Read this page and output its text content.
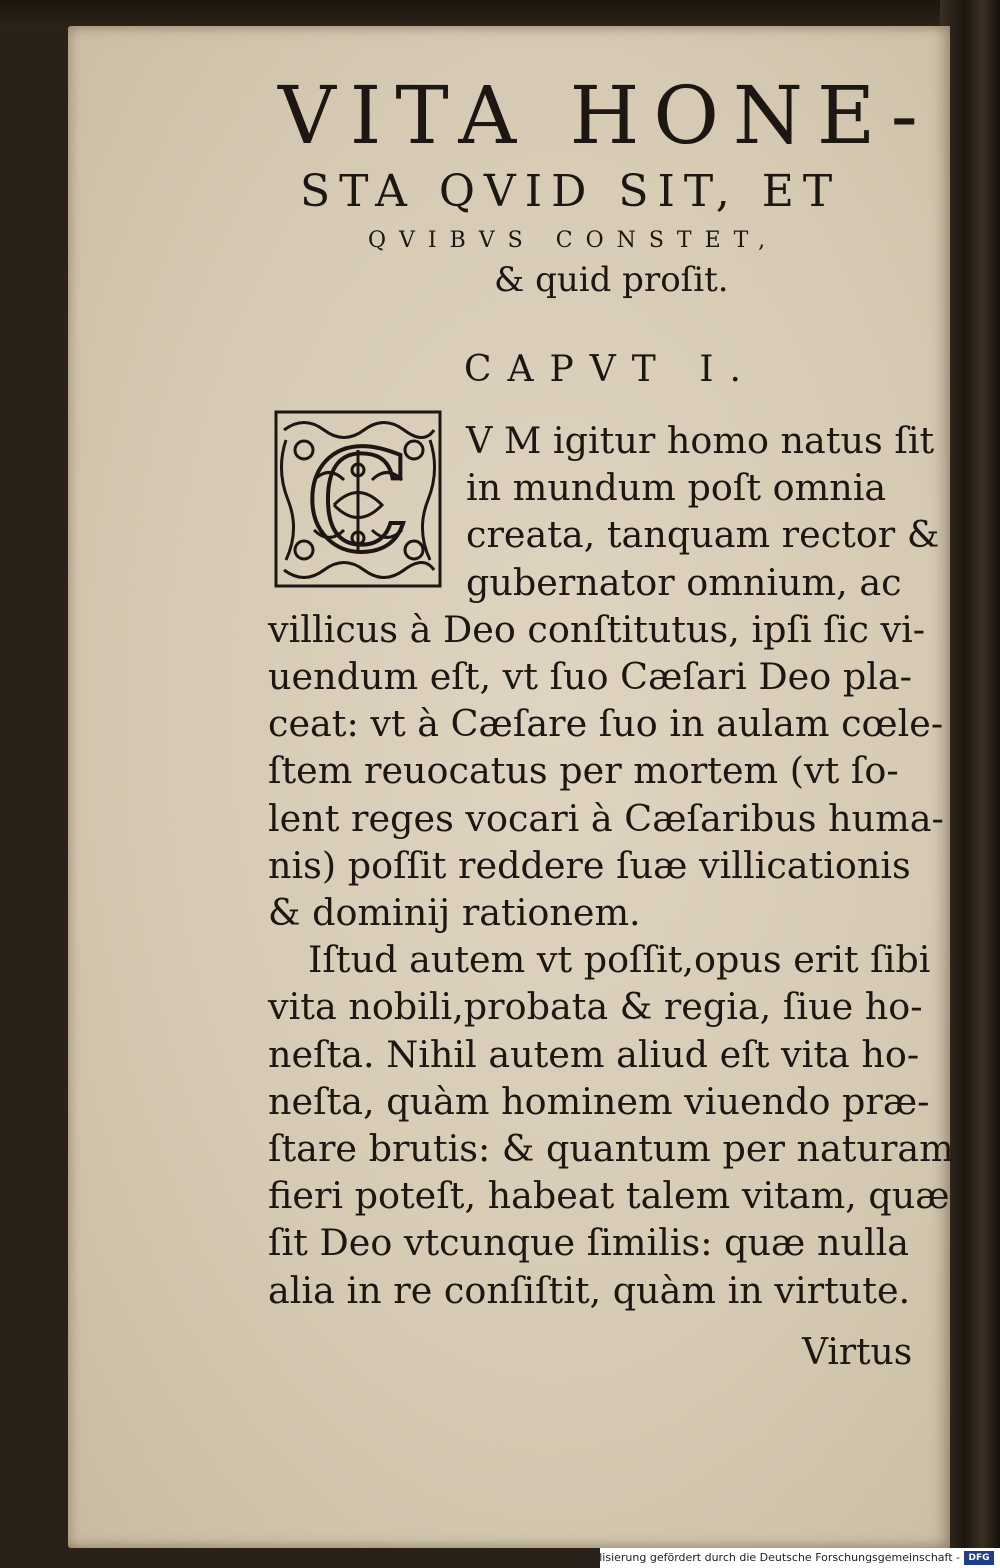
VITA HONE-
STA QVID SIT, ET
QVIBVS CONSTET,
& quid proſit.
CAPVT I.
C V M igitur homo natus ſit
in mundum poſt omnia
creata, tanquam rector &
gubernator omnium, ac
villicus à Deo conſtitutus, ipſi ſic vi-
uendum eſt, vt ſuo Cæſari Deo pla-
ceat: vt à Cæſare ſuo in aulam cœle-
ſtem reuocatus per mortem (vt ſo-
lent reges vocari à Cæſaribus huma-
nis) poſſit reddere ſuæ villicationis
& dominij rationem.
Iſtud autem vt poſſit,opus erit ſibi
vita nobili,probata & regia, ſiue ho-
neſta. Nihil autem aliud eſt vita ho-
neſta, quàm hominem viuendo præ-
ſtare brutis: & quantum per naturam
fieri poteſt, habeat talem vitam, quæ
ſit Deo vtcunque ſimilis: quæ nulla
alia in re conſiſtit, quàm in virtute.
Virtus
Digitalisierung gefördert durch die Deutsche Forschungsgemeinschaft - DFG
